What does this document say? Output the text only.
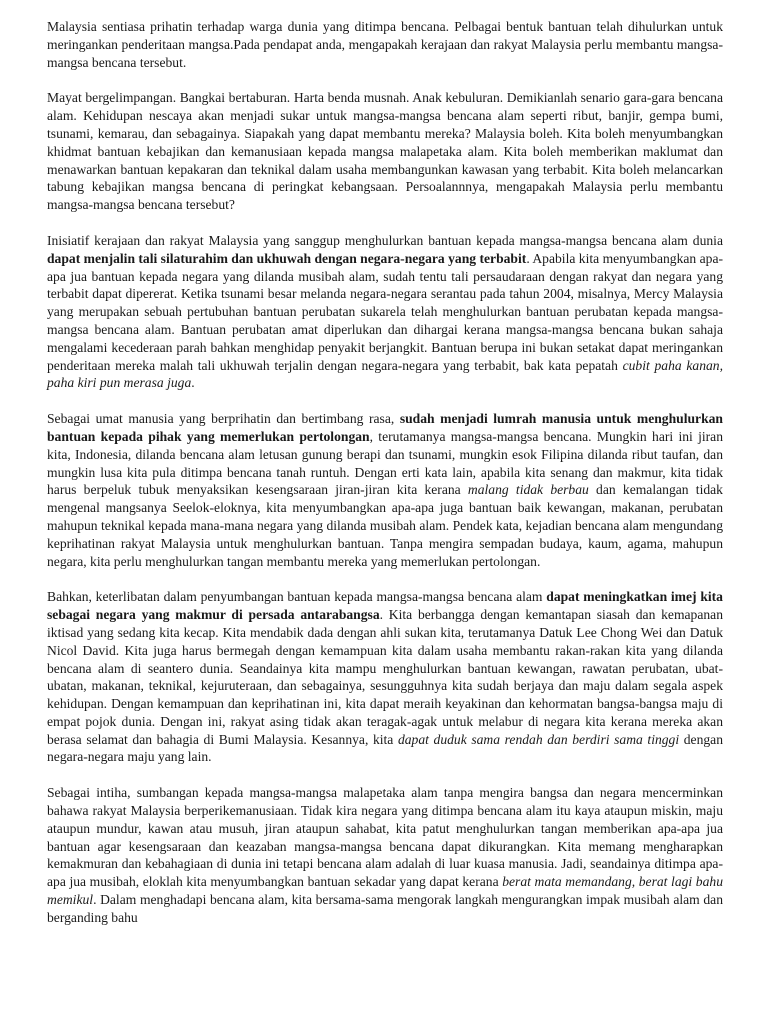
Malaysia sentiasa prihatin terhadap warga dunia yang ditimpa bencana. Pelbagai bentuk bantuan telah dihulurkan untuk meringankan penderitaan mangsa.Pada pendapat anda, mengapakah kerajaan dan rakyat Malaysia perlu membantu mangsa-mangsa bencana tersebut.

Mayat bergelimpangan. Bangkai bertaburan. Harta benda musnah. Anak kebuluran. Demikianlah senario gara-gara bencana alam. Kehidupan nescaya akan menjadi sukar untuk mangsa-mangsa bencana alam seperti ribut, banjir, gempa bumi, tsunami, kemarau, dan sebagainya. Siapakah yang dapat membantu mereka? Malaysia boleh. Kita boleh menyumbangkan khidmat bantuan kebajikan dan kemanusiaan kepada mangsa malapetaka alam. Kita boleh memberikan maklumat dan menawarkan bantuan kepakaran dan teknikal dalam usaha membangunkan kawasan yang terbabit. Kita boleh melancarkan tabung kebajikan mangsa bencana di peringkat kebangsaan. Persoalannnya, mengapakah Malaysia perlu membantu mangsa-mangsa bencana tersebut?

Inisiatif kerajaan dan rakyat Malaysia yang sanggup menghulurkan bantuan kepada mangsa-mangsa bencana alam dunia dapat menjalin tali silaturahim dan ukhuwah dengan negara-negara yang terbabit. Apabila kita menyumbangkan apa-apa jua bantuan kepada negara yang dilanda musibah alam, sudah tentu tali persaudaraan dengan rakyat dan negara yang terbabit dapat dipererat. Ketika tsunami besar melanda negara-negara serantau pada tahun 2004, misalnya, Mercy Malaysia yang merupakan sebuah pertubuhan bantuan perubatan sukarela telah menghulurkan bantuan perubatan kepada mangsa-mangsa bencana alam. Bantuan perubatan amat diperlukan dan dihargai kerana mangsa-mangsa bencana bukan sahaja mengalami kecederaan parah bahkan menghidap penyakit berjangkit. Bantuan berupa ini bukan setakat dapat meringankan penderitaan mereka malah tali ukhuwah terjalin dengan negara-negara yang terbabit, bak kata pepatah cubit paha kanan, paha kiri pun merasa juga.

Sebagai umat manusia yang berprihatin dan bertimbang rasa, sudah menjadi lumrah manusia untuk menghulurkan bantuan kepada pihak yang memerlukan pertolongan, terutamanya mangsa-mangsa bencana. Mungkin hari ini jiran kita, Indonesia, dilanda bencana alam letusan gunung berapi dan tsunami, mungkin esok Filipina dilanda ribut taufan, dan mungkin lusa kita pula ditimpa bencana tanah runtuh. Dengan erti kata lain, apabila kita senang dan makmur, kita tidak harus berpeluk tubuk menyaksikan kesengsaraan jiran-jiran kita kerana malang tidak berbau dan kemalangan tidak mengenal mangsanya Seelok-eloknya, kita menyumbangkan apa-apa juga bantuan baik kewangan, makanan, perubatan mahupun teknikal kepada mana-mana negara yang dilanda musibah alam. Pendek kata, kejadian bencana alam mengundang keprihatinan rakyat Malaysia untuk menghulurkan bantuan. Tanpa mengira sempadan budaya, kaum, agama, mahupun negara, kita perlu menghulurkan tangan membantu mereka yang memerlukan pertolongan.

Bahkan, keterlibatan dalam penyumbangan bantuan kepada mangsa-mangsa bencana alam dapat meningkatkan imej kita sebagai negara yang makmur di persada antarabangsa. Kita berbangga dengan kemantapan siasah dan kemapanan iktisad yang sedang kita kecap. Kita mendabik dada dengan ahli sukan kita, terutamanya Datuk Lee Chong Wei dan Datuk Nicol David. Kita juga harus bermegah dengan kemampuan kita dalam usaha membantu rakan-rakan kita yang dilanda bencana alam di seantero dunia. Seandainya kita mampu menghulurkan bantuan kewangan, rawatan perubatan, ubat-ubatan, makanan, teknikal, kejuruteraan, dan sebagainya, sesungguhnya kita sudah berjaya dan maju dalam segala aspek kehidupan. Dengan kemampuan dan keprihatinan ini, kita dapat meraih keyakinan dan kehormatan bangsa-bangsa maju di empat pojok dunia. Dengan ini, rakyat asing tidak akan teragak-agak untuk melabur di negara kita kerana mereka akan berasa selamat dan bahagia di Bumi Malaysia. Kesannya, kita dapat duduk sama rendah dan berdiri sama tinggi dengan negara-negara maju yang lain.

Sebagai intiha, sumbangan kepada mangsa-mangsa malapetaka alam tanpa mengira bangsa dan negara mencerminkan bahawa rakyat Malaysia berperikemanusiaan. Tidak kira negara yang ditimpa bencana alam itu kaya ataupun miskin, maju ataupun mundur, kawan atau musuh, jiran ataupun sahabat, kita patut menghulurkan tangan memberikan apa-apa jua bantuan agar kesengsaraan dan keazaban mangsa-mangsa bencana dapat dikurangkan. Kita memang mengharapkan kemakmuran dan kebahagiaan di dunia ini tetapi bencana alam adalah di luar kuasa manusia. Jadi, seandainya ditimpa apa-apa jua musibah, eloklah kita menyumbangkan bantuan sekadar yang dapat kerana berat mata memandang, berat lagi bahu memikul. Dalam menghadapi bencana alam, kita bersama-sama mengorak langkah mengurangkan impak musibah alam dan berganding bahu
